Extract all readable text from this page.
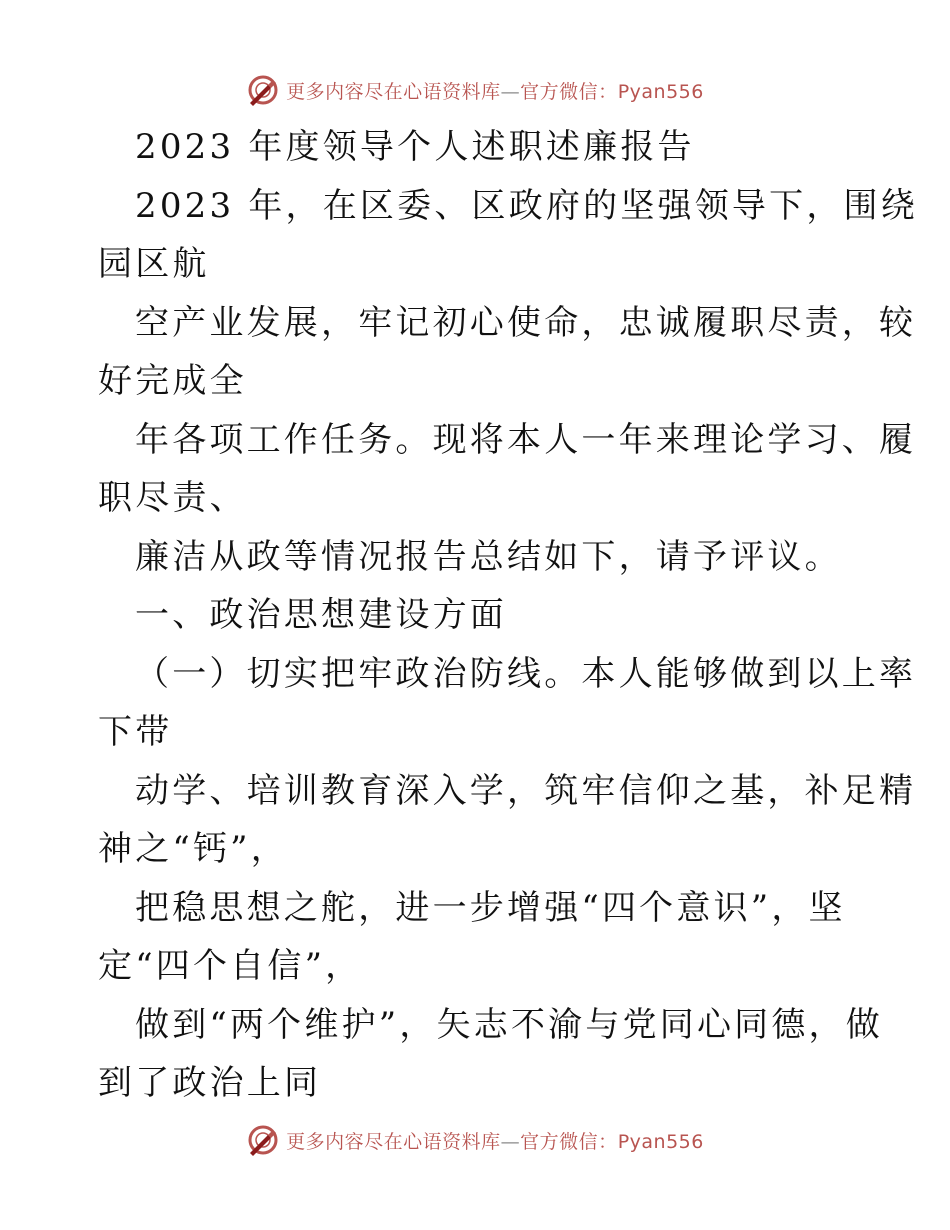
更多内容尽在心语资料库—官方微信：Pyan556
2023 年度领导个人述职述廉报告
2023 年，在区委、区政府的坚强领导下，围绕
园区航
空产业发展，牢记初心使命，忠诚履职尽责，较
好完成全
年各项工作任务。现将本人一年来理论学习、履
职尽责、
廉洁从政等情况报告总结如下，请予评议。
一、政治思想建设方面
（一）切实把牢政治防线。本人能够做到以上率
下带
动学、培训教育深入学，筑牢信仰之基，补足精
神之“钙”，
把稳思想之舵，进一步增强“四个意识”，坚
定“四个自信”，
做到“两个维护”，矢志不渝与党同心同德，做
到了政治上同
更多内容尽在心语资料库—官方微信：Pyan556
